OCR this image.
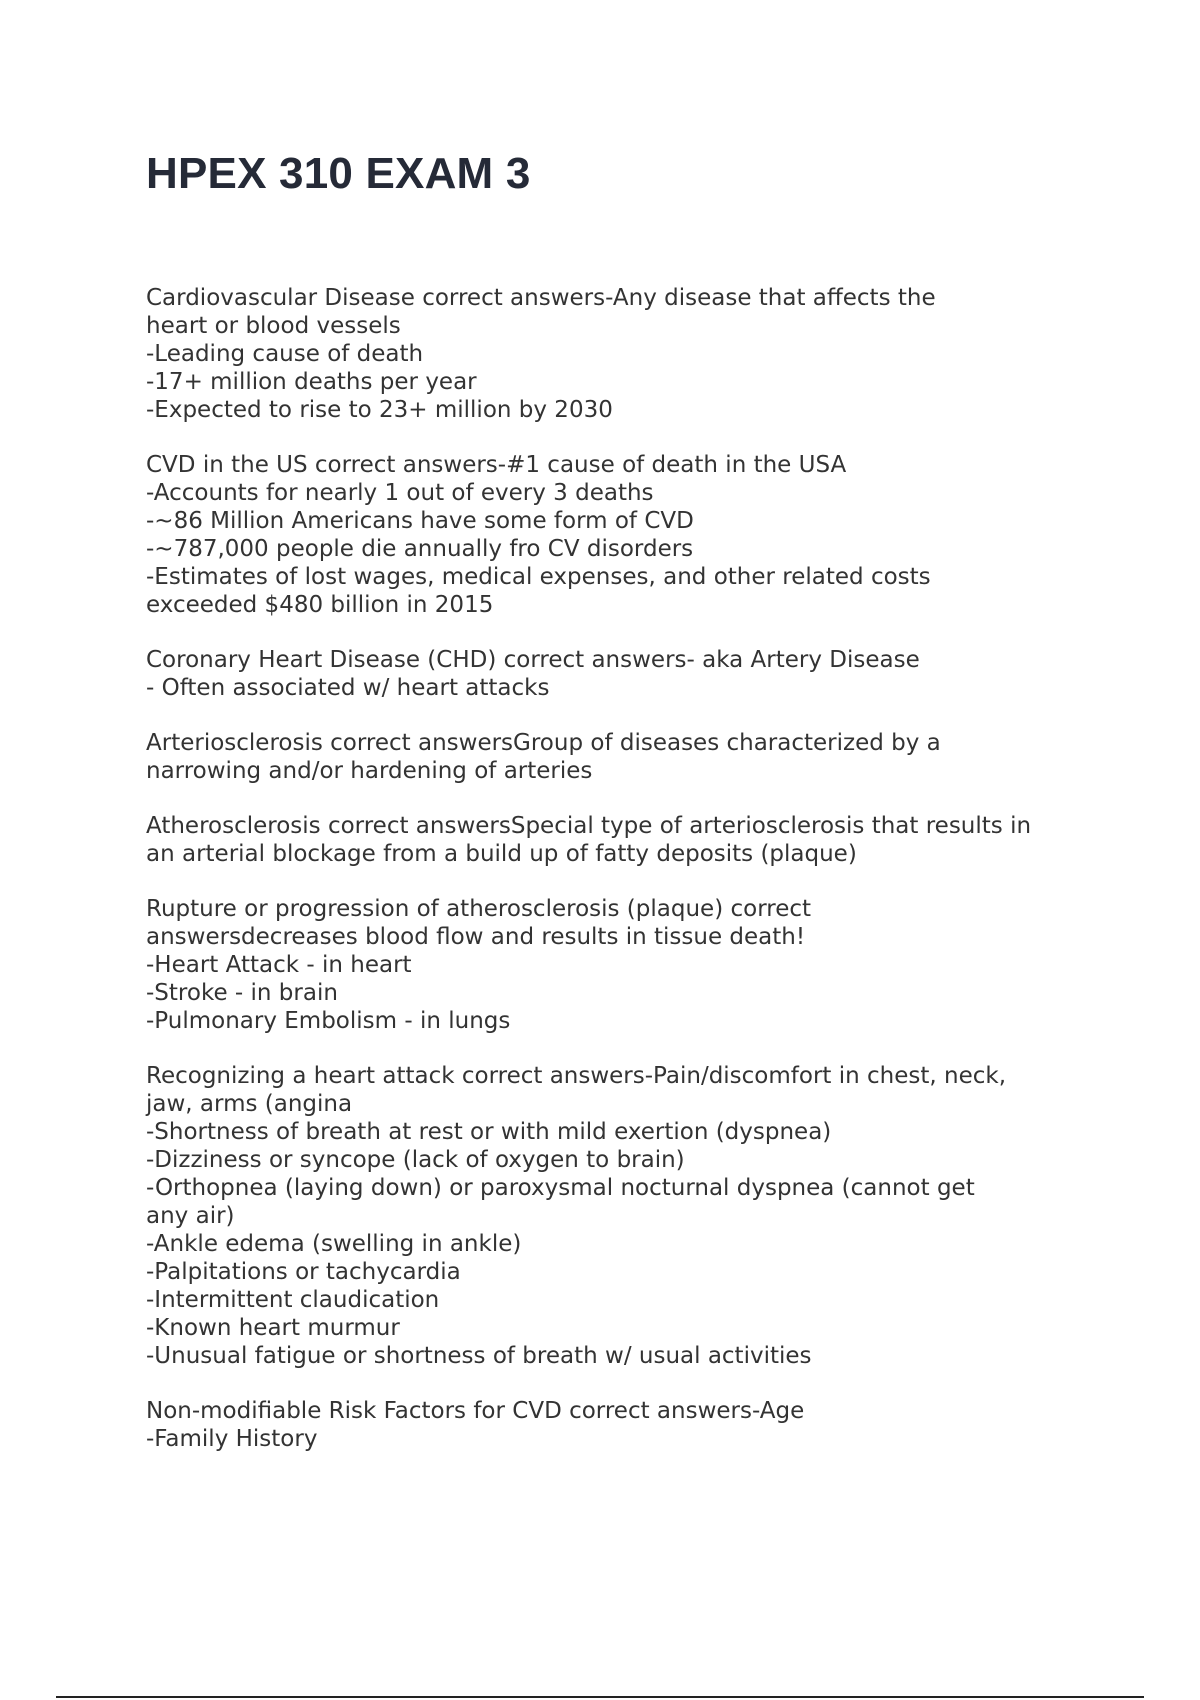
HPEX 310 EXAM 3
Cardiovascular Disease correct answers-Any disease that affects the
heart or blood vessels
-Leading cause of death
-17+ million deaths per year
-Expected to rise to 23+ million by 2030
CVD in the US correct answers-#1 cause of death in the USA
-Accounts for nearly 1 out of every 3 deaths
-~86 Million Americans have some form of CVD
-~787,000 people die annually fro CV disorders
-Estimates of lost wages, medical expenses, and other related costs
exceeded $480 billion in 2015
Coronary Heart Disease (CHD) correct answers- aka Artery Disease
- Often associated w/ heart attacks
Arteriosclerosis correct answersGroup of diseases characterized by a
narrowing and/or hardening of arteries
Atherosclerosis correct answersSpecial type of arteriosclerosis that results in
an arterial blockage from a build up of fatty deposits (plaque)
Rupture or progression of atherosclerosis (plaque) correct
answersdecreases blood flow and results in tissue death!
-Heart Attack - in heart
-Stroke - in brain
-Pulmonary Embolism - in lungs
Recognizing a heart attack correct answers-Pain/discomfort in chest, neck,
jaw, arms (angina
-Shortness of breath at rest or with mild exertion (dyspnea)
-Dizziness or syncope (lack of oxygen to brain)
-Orthopnea (laying down) or paroxysmal nocturnal dyspnea (cannot get
any air)
-Ankle edema (swelling in ankle)
-Palpitations or tachycardia
-Intermittent claudication
-Known heart murmur
-Unusual fatigue or shortness of breath w/ usual activities
Non-modifiable Risk Factors for CVD correct answers-Age
-Family History
